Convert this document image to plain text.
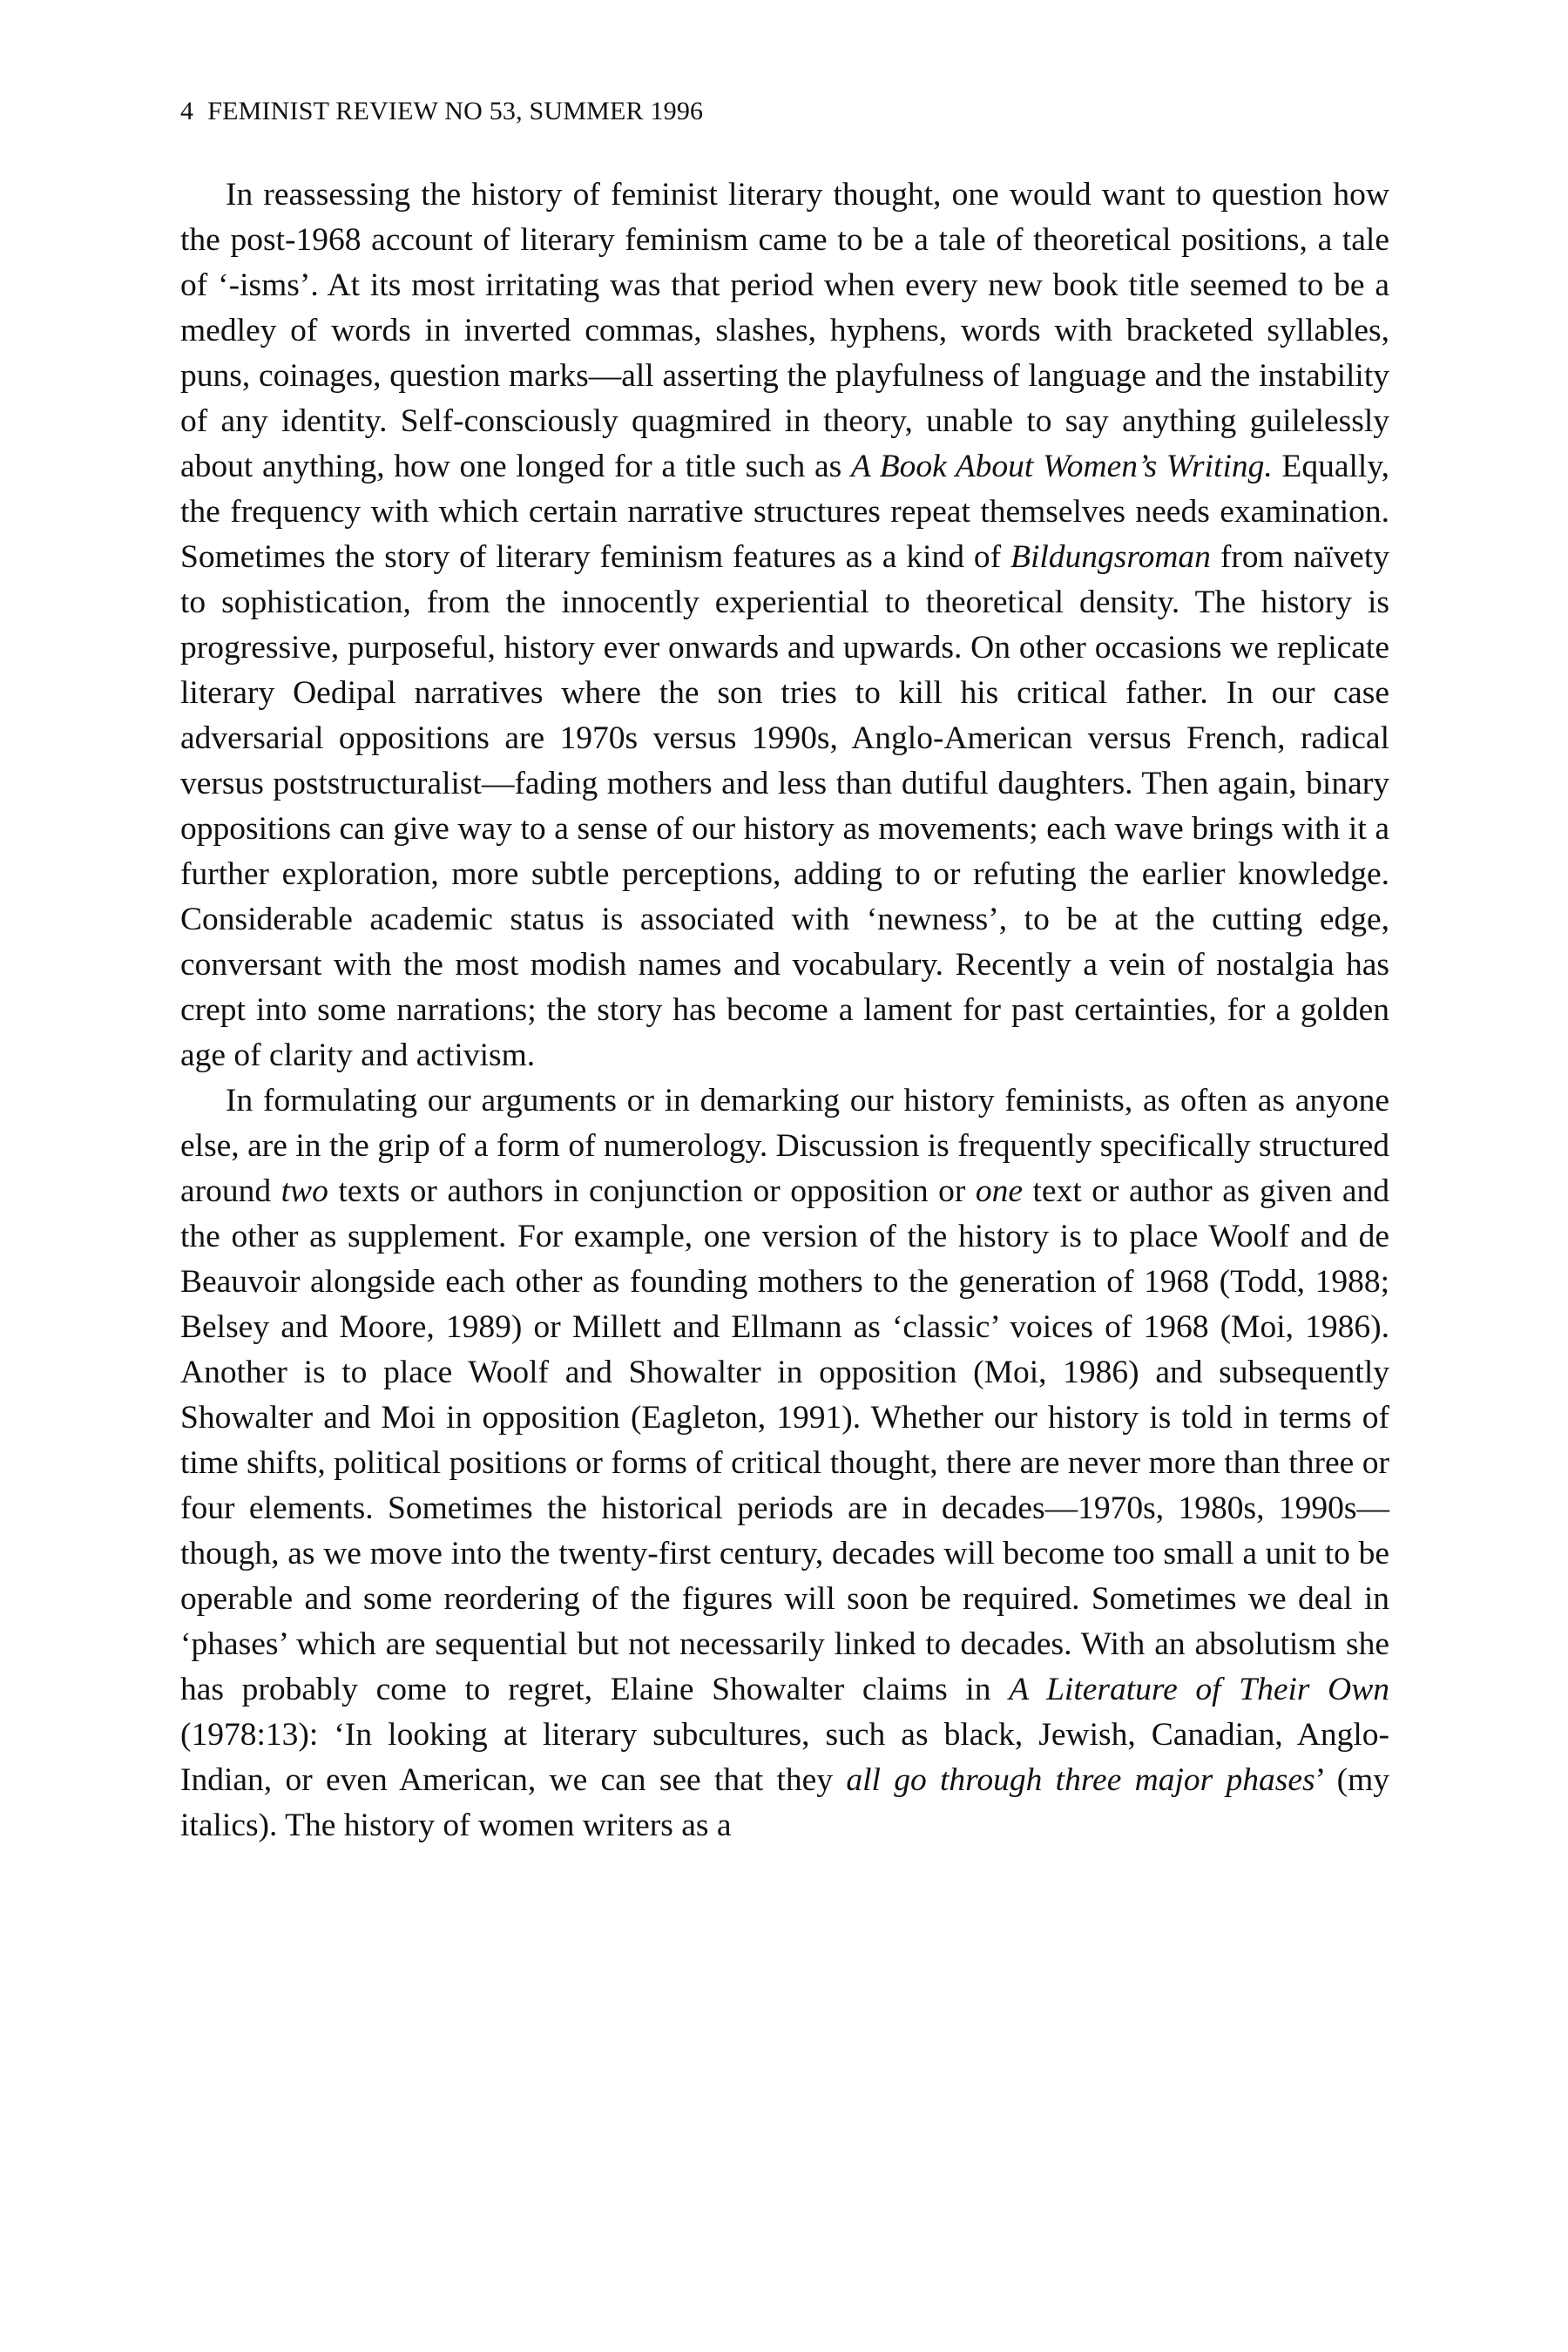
4 FEMINIST REVIEW NO 53, SUMMER 1996

In reassessing the history of feminist literary thought, one would want to question how the post-1968 account of literary feminism came to be a tale of theoretical positions, a tale of ‘-isms’. At its most irritating was that period when every new book title seemed to be a medley of words in inverted commas, slashes, hyphens, words with bracketed syllables, puns, coinages, question marks—all asserting the playfulness of language and the instability of any identity. Self-consciously quagmired in theory, unable to say anything guilelessly about anything, how one longed for a title such as A Book About Women’s Writing. Equally, the frequency with which certain narrative structures repeat themselves needs examination. Sometimes the story of literary feminism features as a kind of Bildungsroman from naïvety to sophistication, from the innocently experiential to theoretical density. The history is progressive, purposeful, history ever onwards and upwards. On other occasions we replicate literary Oedipal narratives where the son tries to kill his critical father. In our case adversarial oppositions are 1970s versus 1990s, Anglo-American versus French, radical versus poststructuralist—fading mothers and less than dutiful daughters. Then again, binary oppositions can give way to a sense of our history as movements; each wave brings with it a further exploration, more subtle perceptions, adding to or refuting the earlier knowledge. Considerable academic status is associated with ‘newness’, to be at the cutting edge, conversant with the most modish names and vocabulary. Recently a vein of nostalgia has crept into some narrations; the story has become a lament for past certainties, for a golden age of clarity and activism.

In formulating our arguments or in demarking our history feminists, as often as anyone else, are in the grip of a form of numerology. Discussion is frequently specifically structured around two texts or authors in conjunction or opposition or one text or author as given and the other as supplement. For example, one version of the history is to place Woolf and de Beauvoir alongside each other as founding mothers to the generation of 1968 (Todd, 1988; Belsey and Moore, 1989) or Millett and Ellmann as ‘classic’ voices of 1968 (Moi, 1986). Another is to place Woolf and Showalter in opposition (Moi, 1986) and subsequently Showalter and Moi in opposition (Eagleton, 1991). Whether our history is told in terms of time shifts, political positions or forms of critical thought, there are never more than three or four elements. Sometimes the historical periods are in decades—1970s, 1980s, 1990s—though, as we move into the twenty-first century, decades will become too small a unit to be operable and some reordering of the figures will soon be required. Sometimes we deal in ‘phases’ which are sequential but not necessarily linked to decades. With an absolutism she has probably come to regret, Elaine Showalter claims in A Literature of Their Own (1978:13): ‘In looking at literary subcultures, such as black, Jewish, Canadian, Anglo-Indian, or even American, we can see that they all go through three major phases’ (my italics). The history of women writers as a
